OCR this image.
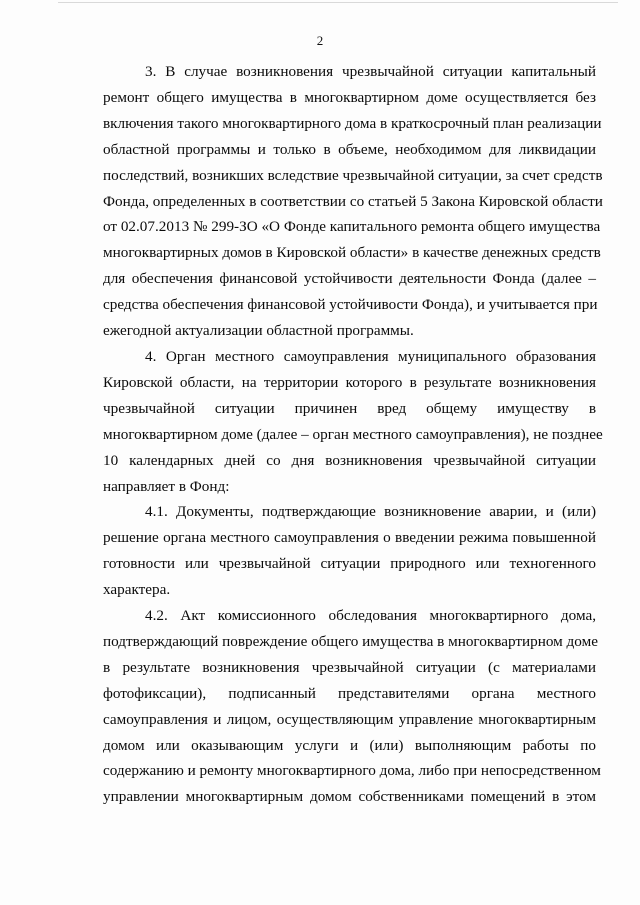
2

3. В случае возникновения чрезвычайной ситуации капитальный
ремонт общего имущества в многоквартирном доме осуществляется без
включения такого многоквартирного дома в краткосрочный план реализации
областной программы и только в объеме, необходимом для ликвидации
последствий, возникших вследствие чрезвычайной ситуации, за счет средств
Фонда, определенных в соответствии со статьей 5 Закона Кировской области
от 02.07.2013 № 299-ЗО «О Фонде капитального ремонта общего имущества
многоквартирных домов в Кировской области» в качестве денежных средств
для обеспечения финансовой устойчивости деятельности Фонда (далее –
средства обеспечения финансовой устойчивости Фонда), и учитывается при
ежегодной актуализации областной программы.

4. Орган местного самоуправления муниципального образования
Кировской области, на территории которого в результате возникновения
чрезвычайной ситуации причинен вред общему имуществу в
многоквартирном доме (далее – орган местного самоуправления), не позднее
10 календарных дней со дня возникновения чрезвычайной ситуации
направляет в Фонд:

4.1. Документы, подтверждающие возникновение аварии, и (или)
решение органа местного самоуправления о введении режима повышенной
готовности или чрезвычайной ситуации природного или техногенного
характера.

4.2. Акт комиссионного обследования многоквартирного дома,
подтверждающий повреждение общего имущества в многоквартирном доме
в результате возникновения чрезвычайной ситуации (с материалами
фотофиксации), подписанный представителями органа местного
самоуправления и лицом, осуществляющим управление многоквартирным
домом или оказывающим услуги и (или) выполняющим работы по
содержанию и ремонту многоквартирного дома, либо при непосредственном
управлении многоквартирным домом собственниками помещений в этом
